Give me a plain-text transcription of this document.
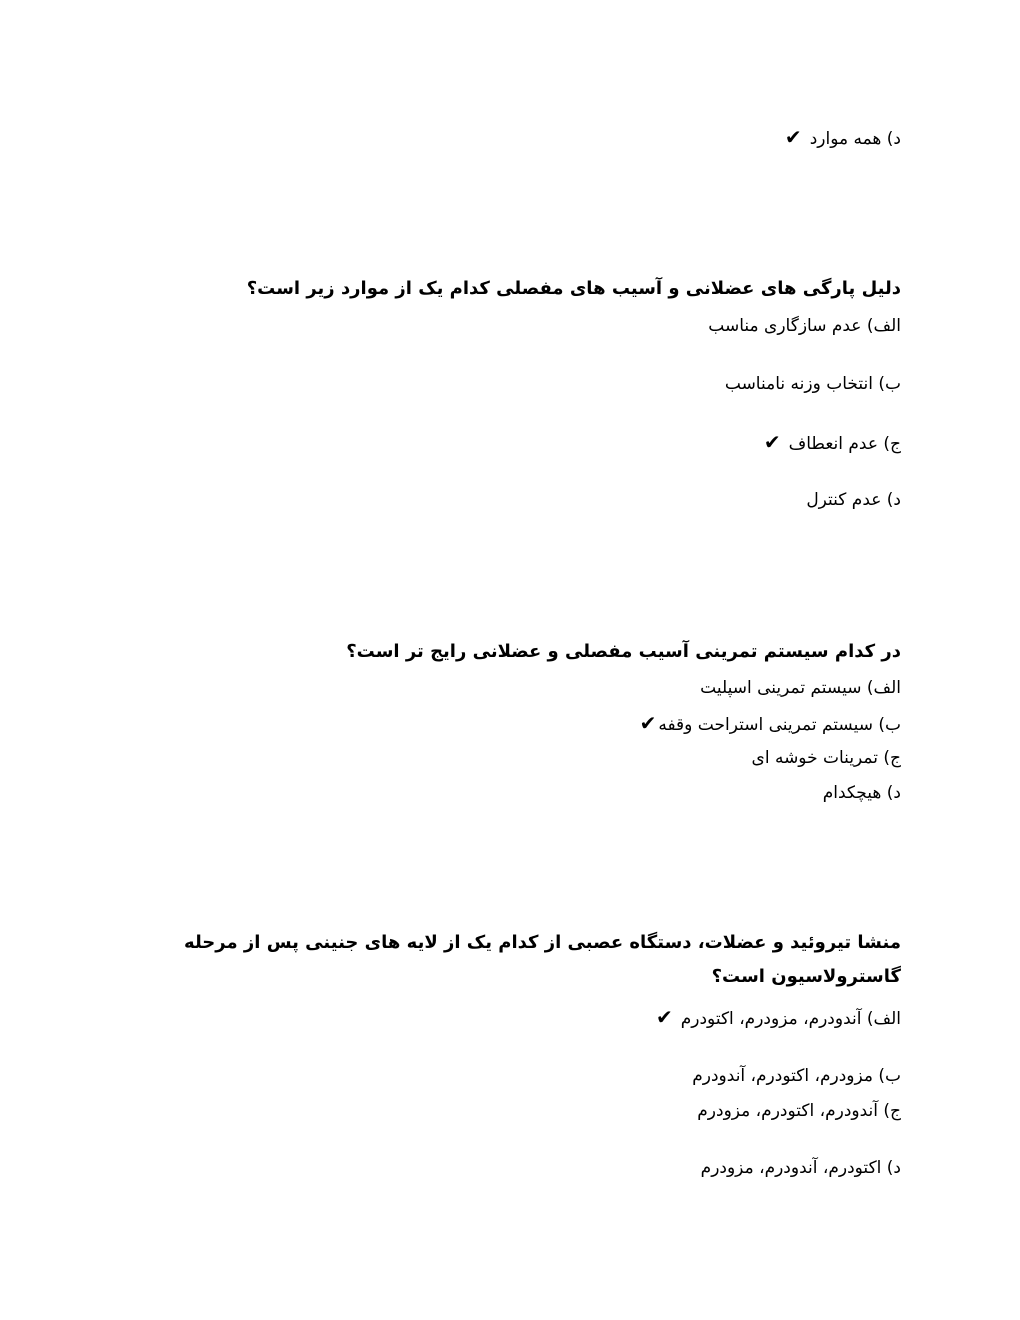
د) همه موارد✔
دلیل پارگی های عضلانی و آسیب های مفصلی کدام یک از موارد زیر است؟
الف) عدم سازگاری مناسب
ب) انتخاب وزنه نامناسب
ج) عدم انعطاف✔
د) عدم کنترل
در کدام سیستم تمرینی آسیب مفصلی و عضلانی رایج تر است؟
الف) سیستم تمرینی اسپلیت
ب) سیستم تمرینی استراحت وقفه✔
ج) تمرینات خوشه ای
د) هیچکدام
منشا تیروئید و عضلات، دستگاه عصبی از کدام یک از لایه های جنینی پس از مرحله گاسترولاسیون است؟
الف) آندودرم، مزودرم، اکتودرم✔
ب) مزودرم، اکتودرم، آندودرم
ج) آندودرم، اکتودرم، مزودرم
د) اکتودرم، آندودرم، مزودرم
